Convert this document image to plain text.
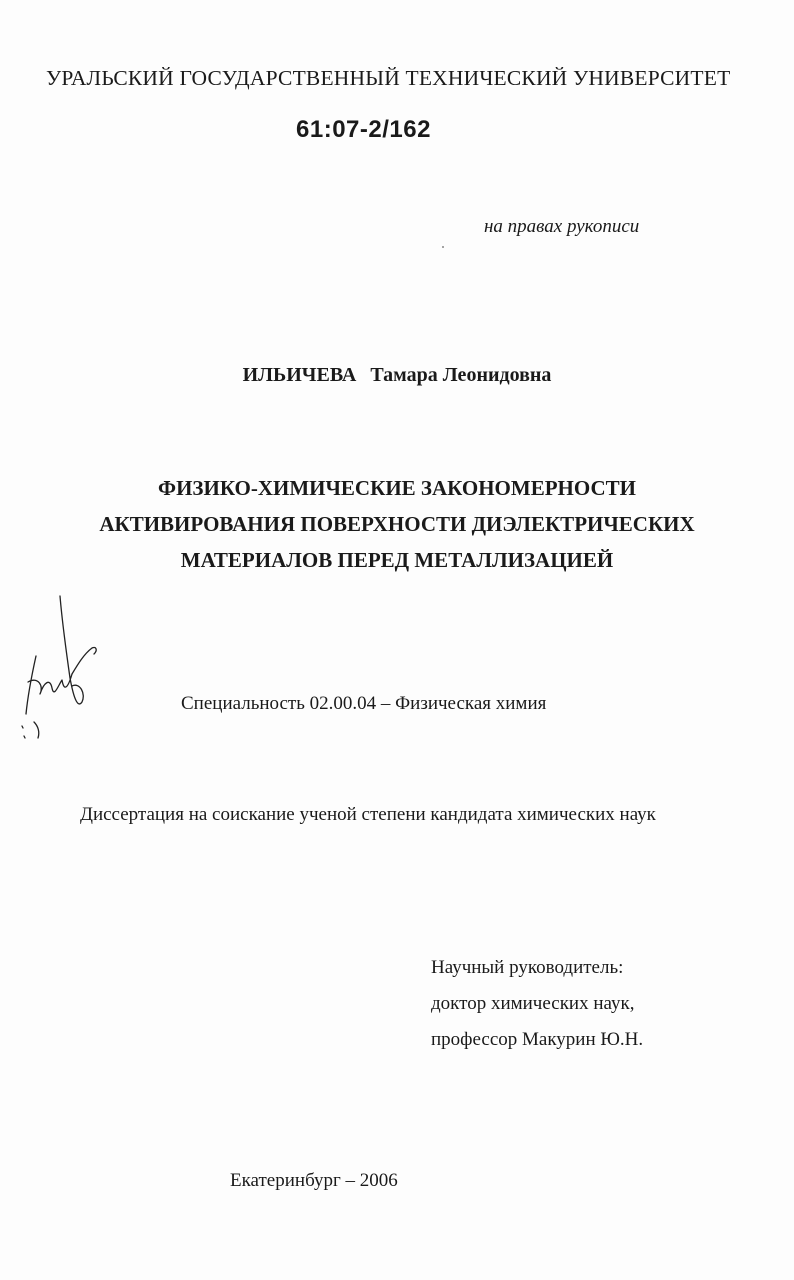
УРАЛЬСКИЙ ГОСУДАРСТВЕННЫЙ ТЕХНИЧЕСКИЙ УНИВЕРСИТЕТ
61:07-2/162
на правах рукописи
ИЛЬИЧЕВА Тамара Леонидовна
ФИЗИКО-ХИМИЧЕСКИЕ ЗАКОНОМЕРНОСТИ
АКТИВИРОВАНИЯ ПОВЕРХНОСТИ ДИЭЛЕКТРИЧЕСКИХ
МАТЕРИАЛОВ ПЕРЕД МЕТАЛЛИЗАЦИЕЙ
Специальность 02.00.04 – Физическая химия
Диссертация на соискание ученой степени кандидата химических наук
Научный руководитель:
доктор химических наук,
профессор Макурин Ю.Н.
Екатеринбург – 2006
